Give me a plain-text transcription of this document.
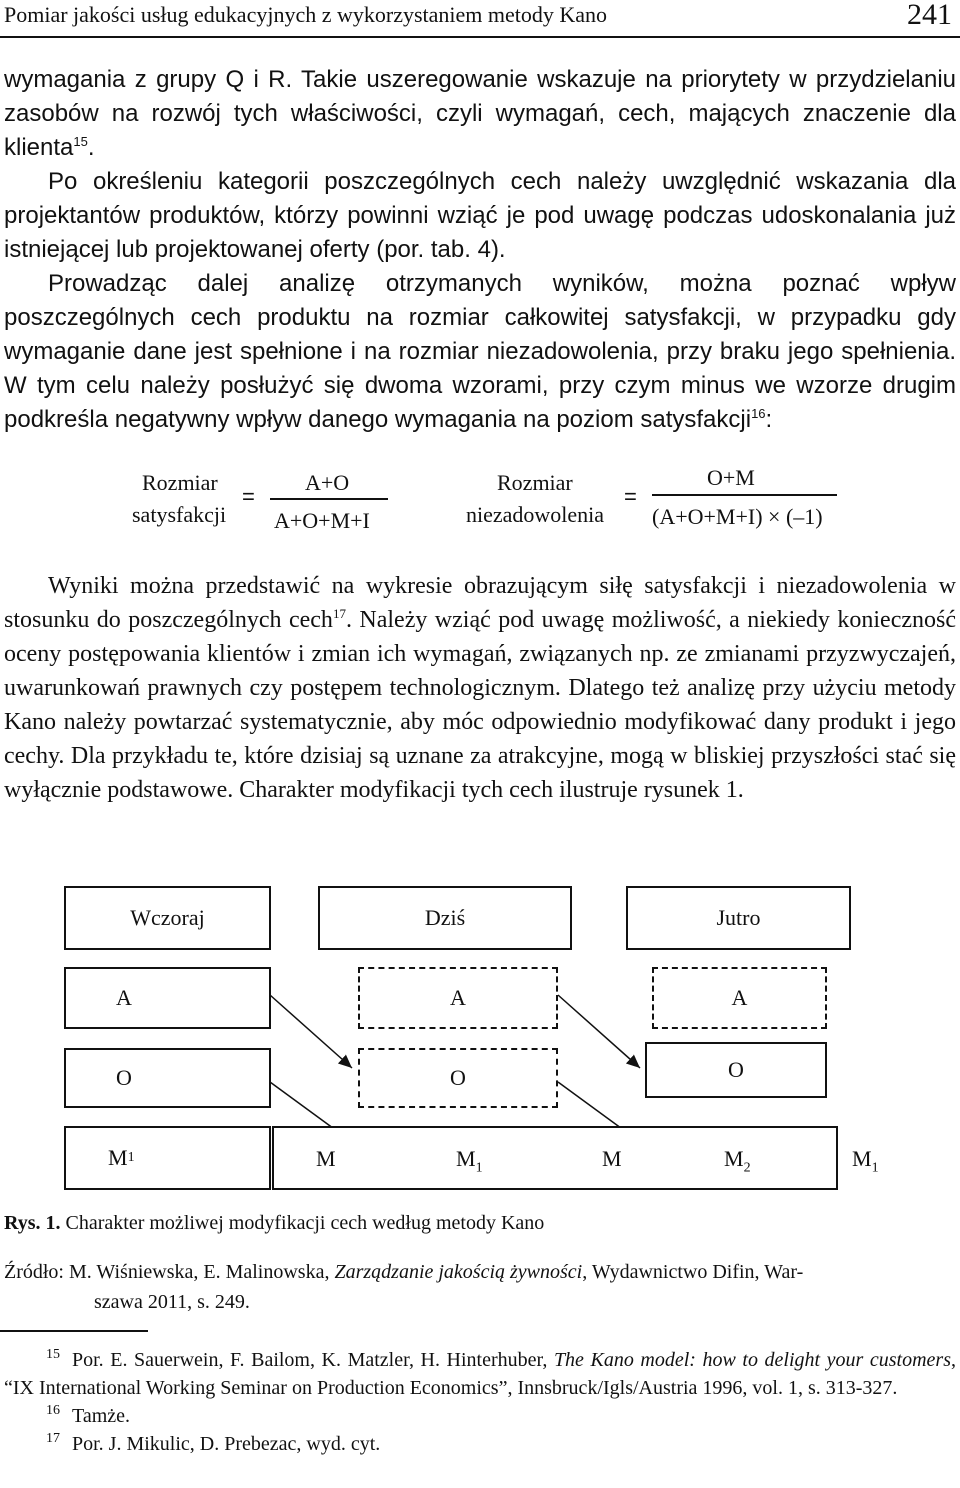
Pomiar jakości usług edukacyjnych z wykorzystaniem metody Kano	241

wymagania z grupy Q i R. Takie uszeregowanie wskazuje na priorytety w przydzielaniu zasobów na rozwój tych właściwości, czyli wymagań, cech, mających znaczenie dla klienta$^{15}$.

Po określeniu kategorii poszczególnych cech należy uwzględnić wskazania dla projektantów produktów, którzy powinni wziąć je pod uwagę podczas udoskonalania już istniejącej lub projektowanej oferty (por. tab. 4).

Prowadząc dalej analizę otrzymanych wyników, można poznać wpływ poszczególnych cech produktu na rozmiar całkowitej satysfakcji, w przypadku gdy wymaganie dane jest spełnione i na rozmiar niezadowolenia, przy braku jego spełnienia. W tym celu należy posłużyć się dwoma wzorami, przy czym minus we wzorze drugim podkreśla negatywny wpływ danego wymagania na poziom satysfakcji$^{16}$:

Rozmiar
satysfakcji
=
A+O
A+O+M+I
Rozmiar
niezadowolenia
=
O+M
(A+O+M+I) × (–1)

Wyniki można przedstawić na wykresie obrazującym siłę satysfakcji i niezadowolenia w stosunku do poszczególnych cech$^{17}$. Należy wziąć pod uwagę możliwość, a niekiedy konieczność oceny postępowania klientów i zmian ich wymagań, związanych np. ze zmianami przyzwyczajeń, uwarunkowań prawnych czy postępem technologicznym. Dlatego też analizę przy użyciu metody Kano należy powtarzać systematycznie, aby móc odpowiednio modyfikować dany produkt i jego cechy. Dla przykładu te, które dzisiaj są uznane za atrakcyjne, mogą w bliskiej przyszłości stać się wyłącznie podstawowe. Charakter modyfikacji tych cech ilustruje rysunek 1.

Wczoraj	Dziś	Jutro
A	A	A
O	O	O
M 1	M	$M_1$	M	$M_2$	$M_1$
Rys. 1. Charakter możliwej modyfikacji cech według metody Kano
Źródło: M. Wiśniewska, E. Malinowska, Zarządzanie jakością żywności, Wydawnictwo Difin, War-
szawa 2011, s. 249.
$^{15}$ Por. E. Sauerwein, F. Bailom, K. Matzler, H. Hinterhuber, The Kano model: how to delight your customers, “IX International Working Seminar on Production Economics”, Innsbruck/Igls/Austria 1996, vol. 1, s. 313-327.
$^{16}$ Tamże.
$^{17}$ Por. J. Mikulic, D. Prebezac, wyd. cyt.
